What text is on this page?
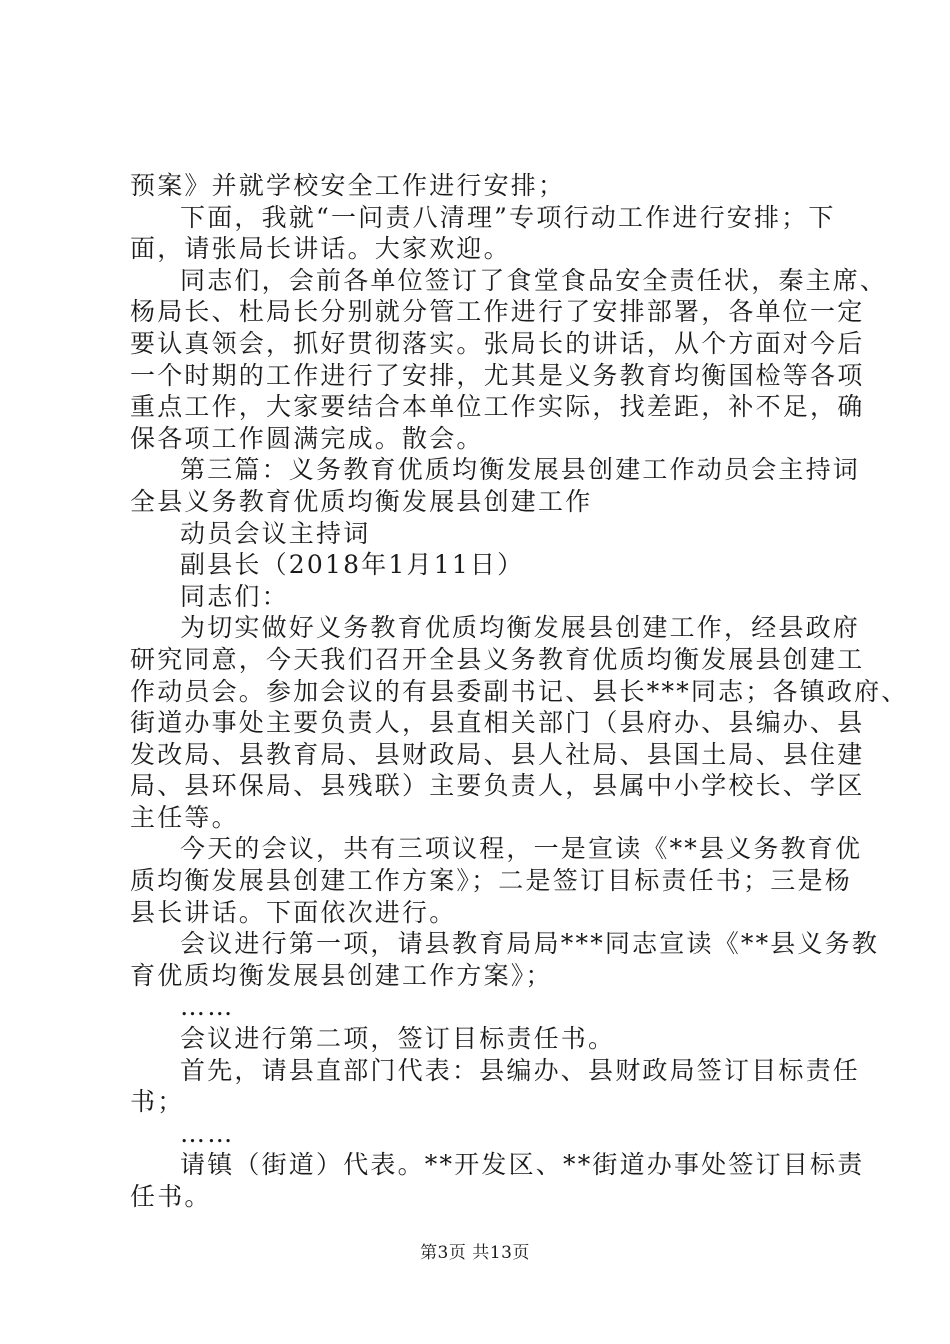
预案》并就学校安全工作进行安排；
下面，我就“一问责八清理”专项行动工作进行安排；下
面，请张局长讲话。大家欢迎。
同志们，会前各单位签订了食堂食品安全责任状，秦主席、
杨局长、杜局长分别就分管工作进行了安排部署，各单位一定
要认真领会，抓好贯彻落实。张局长的讲话，从个方面对今后
一个时期的工作进行了安排，尤其是义务教育均衡国检等各项
重点工作，大家要结合本单位工作实际，找差距，补不足，确
保各项工作圆满完成。散会。
第三篇：义务教育优质均衡发展县创建工作动员会主持词
全县义务教育优质均衡发展县创建工作
动员会议主持词
副县长（2018年1月11日）
同志们：
为切实做好义务教育优质均衡发展县创建工作，经县政府
研究同意，今天我们召开全县义务教育优质均衡发展县创建工
作动员会。参加会议的有县委副书记、县长***同志；各镇政府、
街道办事处主要负责人，县直相关部门（县府办、县编办、县
发改局、县教育局、县财政局、县人社局、县国土局、县住建
局、县环保局、县残联）主要负责人，县属中小学校长、学区
主任等。
今天的会议，共有三项议程，一是宣读《**县义务教育优
质均衡发展县创建工作方案》；二是签订目标责任书；三是杨
县长讲话。下面依次进行。
会议进行第一项，请县教育局局***同志宣读《**县义务教
育优质均衡发展县创建工作方案》；
……
会议进行第二项，签订目标责任书。
首先，请县直部门代表：县编办、县财政局签订目标责任
书；
……
请镇（街道）代表。**开发区、**街道办事处签订目标责
任书。
第3页 共13页
